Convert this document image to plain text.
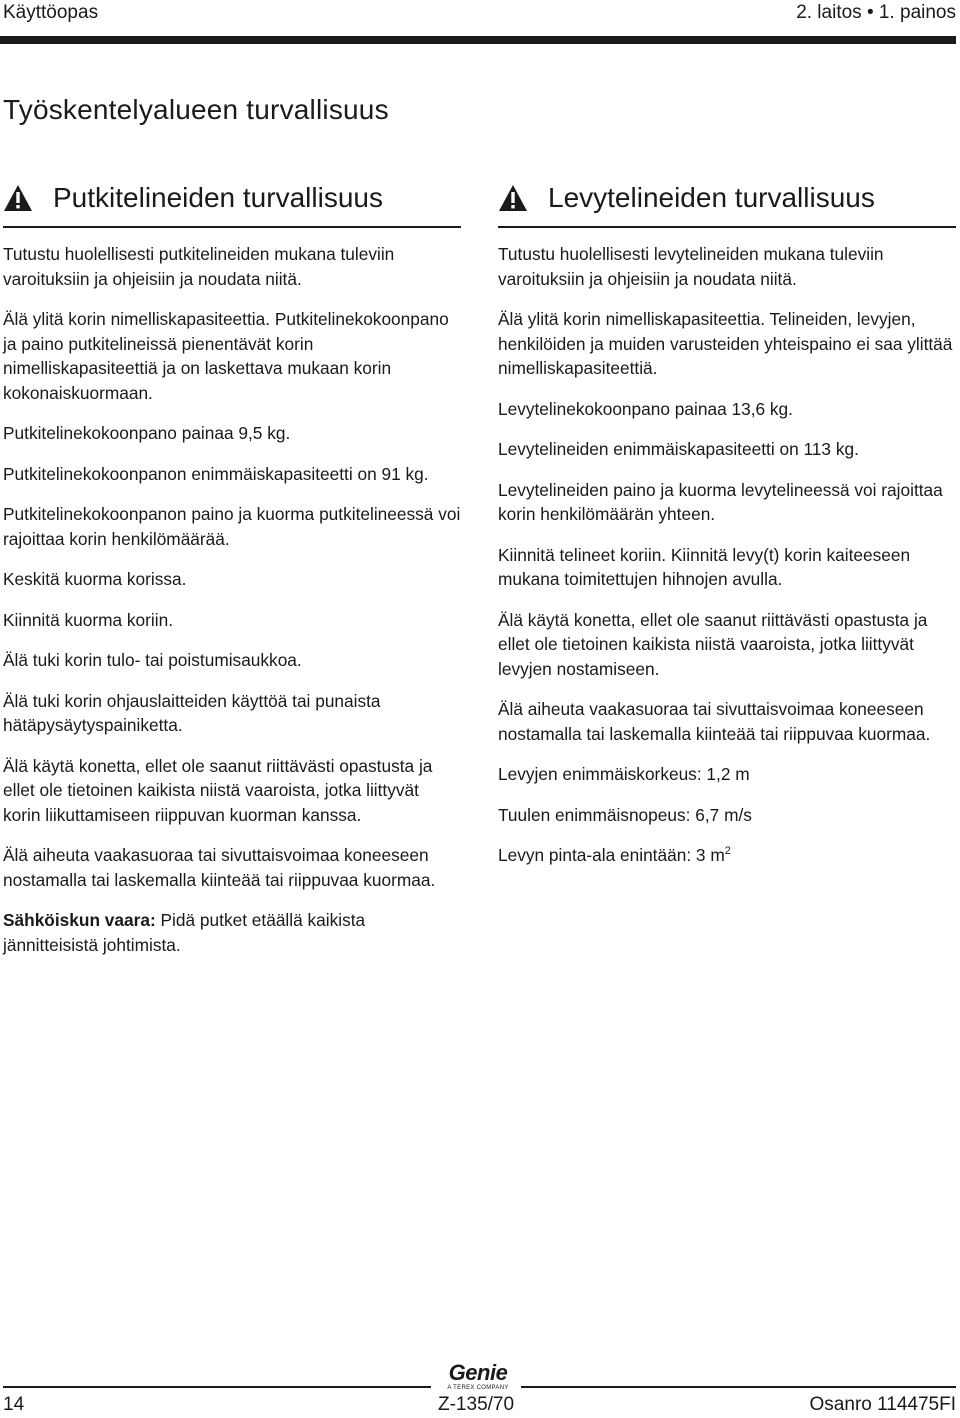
Käyttöopas	2. laitos • 1. painos
Työskentelyalueen turvallisuus
Putkitelineiden turvallisuus

Tutustu huolellisesti putkitelineiden mukana tuleviin varoituksiin ja ohjeisiin ja noudata niitä.

Älä ylitä korin nimelliskapasiteettia. Putkitelinekokoonpano ja paino putkitelineissä pienentävät korin nimelliskapasiteettiä ja on laskettava mukaan korin kokonaiskuormaan.

Putkitelinekokoonpano painaa 9,5 kg.

Putkitelinekokoonpanon enimmäiskapasiteetti on 91 kg.

Putkitelinekokoonpanon paino ja kuorma putkitelineessä voi rajoittaa korin henkilömäärää.

Keskitä kuorma korissa.

Kiinnitä kuorma koriin.

Älä tuki korin tulo- tai poistumisaukkoa.

Älä tuki korin ohjauslaitteiden käyttöä tai punaista hätäpysäytyspainiketta.

Älä käytä konetta, ellet ole saanut riittävästi opastusta ja ellet ole tietoinen kaikista niistä vaaroista, jotka liittyvät korin liikuttamiseen riippuvan kuorman kanssa.

Älä aiheuta vaakasuoraa tai sivuttaisvoimaa koneeseen nostamalla tai laskemalla kiinteää tai riippuvaa kuormaa.

Sähköiskun vaara: Pidä putket etäällä kaikista jännitteisistä johtimista.

Levytelineiden turvallisuus

Tutustu huolellisesti levytelineiden mukana tuleviin varoituksiin ja ohjeisiin ja noudata niitä.

Älä ylitä korin nimelliskapasiteettia. Telineiden, levyjen, henkilöiden ja muiden varusteiden yhteispaino ei saa ylittää nimelliskapasiteettiä.

Levytelinekokoonpano painaa 13,6 kg.

Levytelineiden enimmäiskapasiteetti on 113 kg.

Levytelineiden paino ja kuorma levytelineessä voi rajoittaa korin henkilömäärän yhteen.

Kiinnitä telineet koriin. Kiinnitä levy(t) korin kaiteeseen mukana toimitettujen hihnojen avulla.

Älä käytä konetta, ellet ole saanut riittävästi opastusta ja ellet ole tietoinen kaikista niistä vaaroista, jotka liittyvät levyjen nostamiseen.

Älä aiheuta vaakasuoraa tai sivuttaisvoimaa koneeseen nostamalla tai laskemalla kiinteää tai riippuvaa kuormaa.

Levyjen enimmäiskorkeus: 1,2 m

Tuulen enimmäisnopeus: 6,7 m/s

Levyn pinta-ala enintään: 3 $m^2$

Genie
A TEREX COMPANY
14	Z-135/70	Osanro 114475FI
